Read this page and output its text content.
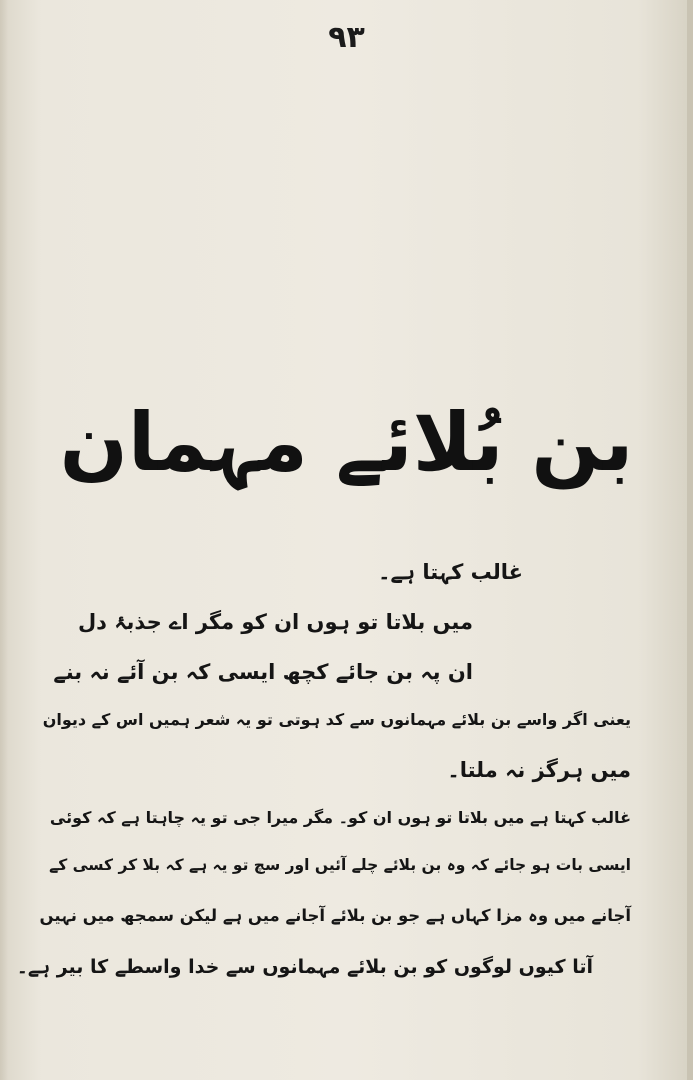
۹۳
بن بُلائے مہمان
غالب کہتا ہے۔
میں بلاتا تو ہوں ان کو مگر اے جذبۂ دل
ان پہ بن جائے کچھ ایسی کہ بن آئے نہ بنے
یعنی اگر واسے بن بلائے مہمانوں سے کد ہوتی تو یہ شعر ہمیں اس کے دیوان
میں ہرگز نہ ملتا۔
غالب کہتا ہے میں بلاتا تو ہوں ان کو۔ مگر میرا جی تو یہ چاہتا ہے کہ کوئی
ایسی بات ہو جائے کہ وہ بن بلائے چلے آئیں اور سچ تو یہ ہے کہ بلا کر کسی کے
آجانے میں وہ مزا کہاں ہے جو بن بلائے آجانے میں ہے لیکن سمجھ میں نہیں
آتا کیوں لوگوں کو بن بلائے مہمانوں سے خدا واسطے کا بیر ہے۔
